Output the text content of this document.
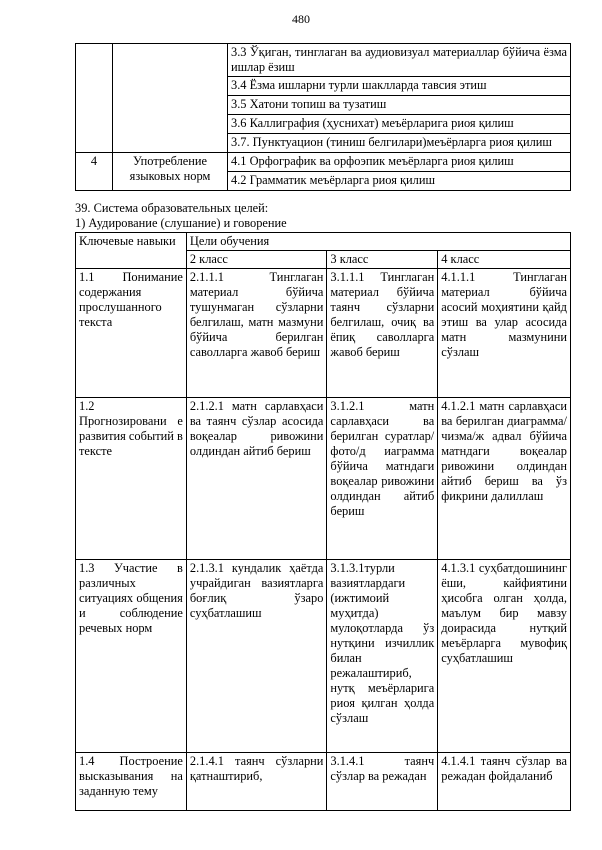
480
		3.3 Ўқиган, тинглаган ва аудиовизуал материаллар бўйича ёзма ишлар ёзиш
		3.4 Ёзма ишларни турли шаклларда тавсия этиш
		3.5 Хатони топиш ва тузатиш
		3.6 Каллиграфия (ҳуснихат) меъёрларига риоя қилиш
		3.7. Пунктуацион (тиниш белгилари)меъёрларга риоя қилиш
4	Употребление языковых норм	4.1 Орфографик ва орфоэпик меъёрларга риоя қилиш
		4.2 Грамматик меъёрларга риоя қилиш
39. Система образовательных целей:
1) Аудирование (слушание) и говорение
Ключевые навыки	Цели обучения		
	2 класс	3 класс	4 класс
1.1 Понимание содержания прослушанного текста	2.1.1.1 Тинглаган материал бўйича тушунмаган сўзларни белгилаш, матн мазмуни бўйича берилган саволларга жавоб бериш	3.1.1.1 Тинглаган материал бўйича таянч сўзларни белгилаш, очиқ ва ёпиқ саволларга жавоб бериш	4.1.1.1 Тинглаган материал бўйича асосий моҳиятини қайд этиш ва улар асосида матн мазмунини сўзлаш
1.2 Прогнозировани е развития событий в тексте	2.1.2.1 матн сарлавҳаси ва таянч сўзлар асосида воқеалар ривожини олдиндан айтиб бериш	3.1.2.1 матн сарлавҳаси ва берилган суратлар/фото/д иаграмма бўйича матндаги воқеалар ривожини олдиндан айтиб бериш	4.1.2.1 матн сарлавҳаси ва берилган диаграмма/чизма/ж адвал бўйича матндаги воқеалар ривожини олдиндан айтиб бериш ва ўз фикрини далиллаш
1.3 Участие в различных ситуациях общения и соблюдение речевых норм	2.1.3.1 кундалик ҳаётда учрайдиган вазиятларга боғлиқ ўзаро суҳбатлашиш	3.1.3.1турли вазиятлардаги (ижтимоий муҳитда) мулоқотларда ўз нутқини изчиллик билан режалаштириб, нутқ меъёрларига риоя қилган ҳолда сўзлаш	4.1.3.1 суҳбатдошининг ёши, кайфиятини ҳисобга олган ҳолда, маълум бир мавзу доирасида нутқий меъёрларга мувофиқ суҳбатлашиш
1.4 Построение высказывания на заданную тему	2.1.4.1 таянч сўзларни қатнаштириб,	3.1.4.1 таянч сўзлар ва режадан	4.1.4.1 таянч сўзлар ва режадан фойдаланиб
